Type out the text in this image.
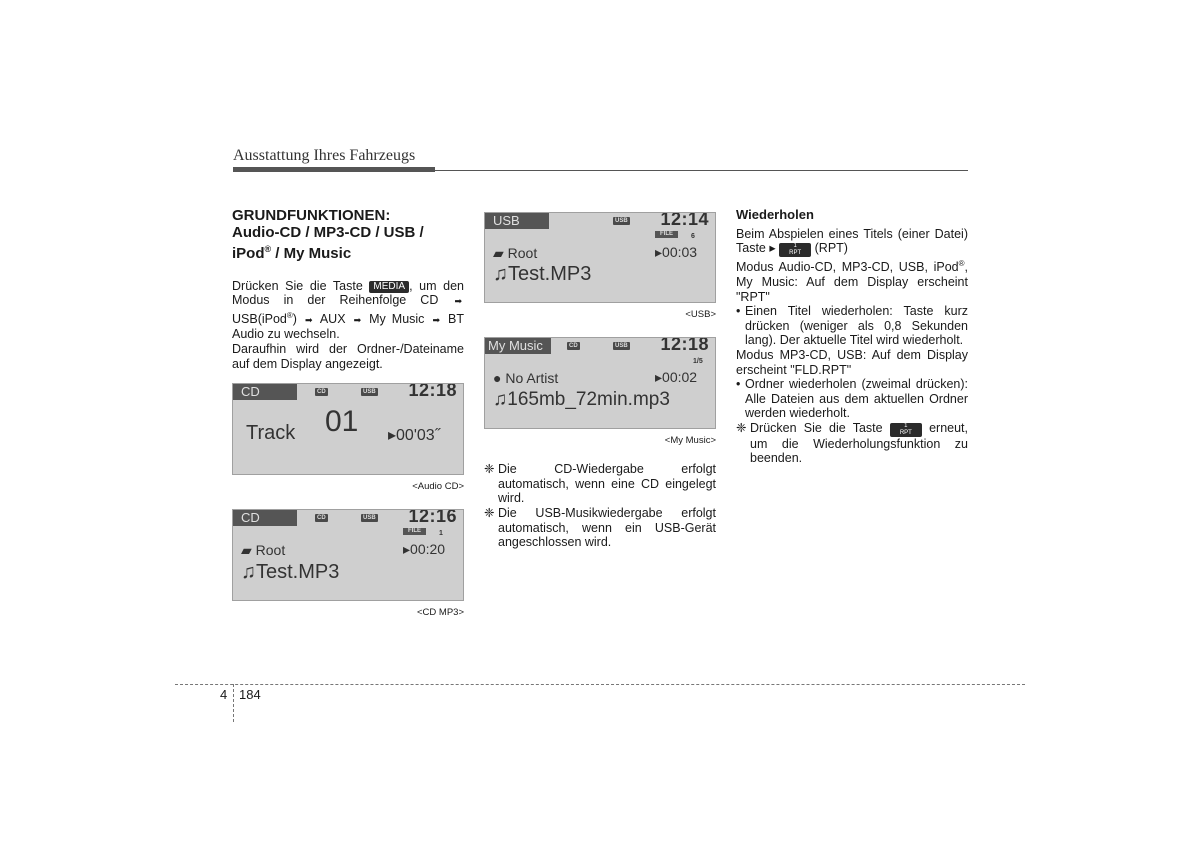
Ausstattung Ihres Fahrzeugs
GRUNDFUNKTIONEN:
Audio-CD / MP3-CD / USB /
iPod® / My Music

Drücken Sie die Taste MEDIA , um den Modus in der Reihenfolge CD ➡ USB(iPod®) ➡ AUX ➡ My Music ➡ BT Audio zu wechseln.

Daraufhin wird der Ordner-/Dateiname auf dem Display angezeigt.

CD	CD	USB 12:18
Track 01 ▸00'03˝
<Audio CD>
CD	CD	USB 12:16
FILE	1
▰ Root	▸00:20
♫Test.MP3
<CD MP3>
USB	USB 12:14
FILE	6
▰ Root	▸00:03
♫Test.MP3
<USB>
My Music	CD	USB 12:18
1/5
● No Artist	▸00:02
♫165mb_72min.mp3
<My Music>
❈ Die CD-Wiedergabe erfolgt automatisch, wenn eine CD eingelegt wird.
❈ Die USB-Musikwiedergabe erfolgt automatisch, wenn ein USB-Gerät angeschlossen wird.
Wiederholen

Beim Abspielen eines Titels (einer Datei) Taste ▸	1
RPT (RPT)

Modus Audio-CD, MP3-CD, USB, iPod®, My Music: Auf dem Display erscheint "RPT"

• Einen Titel wiederholen: Taste kurz drücken (weniger als 0,8 Sekunden lang). Der aktuelle Titel wird wiederholt.

Modus MP3-CD, USB: Auf dem Display erscheint "FLD.RPT"

• Ordner wiederholen (zweimal drücken): Alle Dateien aus dem aktuellen Ordner werden wiederholt.
❈ Drücken Sie die Taste	1
RPT erneut, um die Wiederholungsfunktion zu beenden.
4 184
